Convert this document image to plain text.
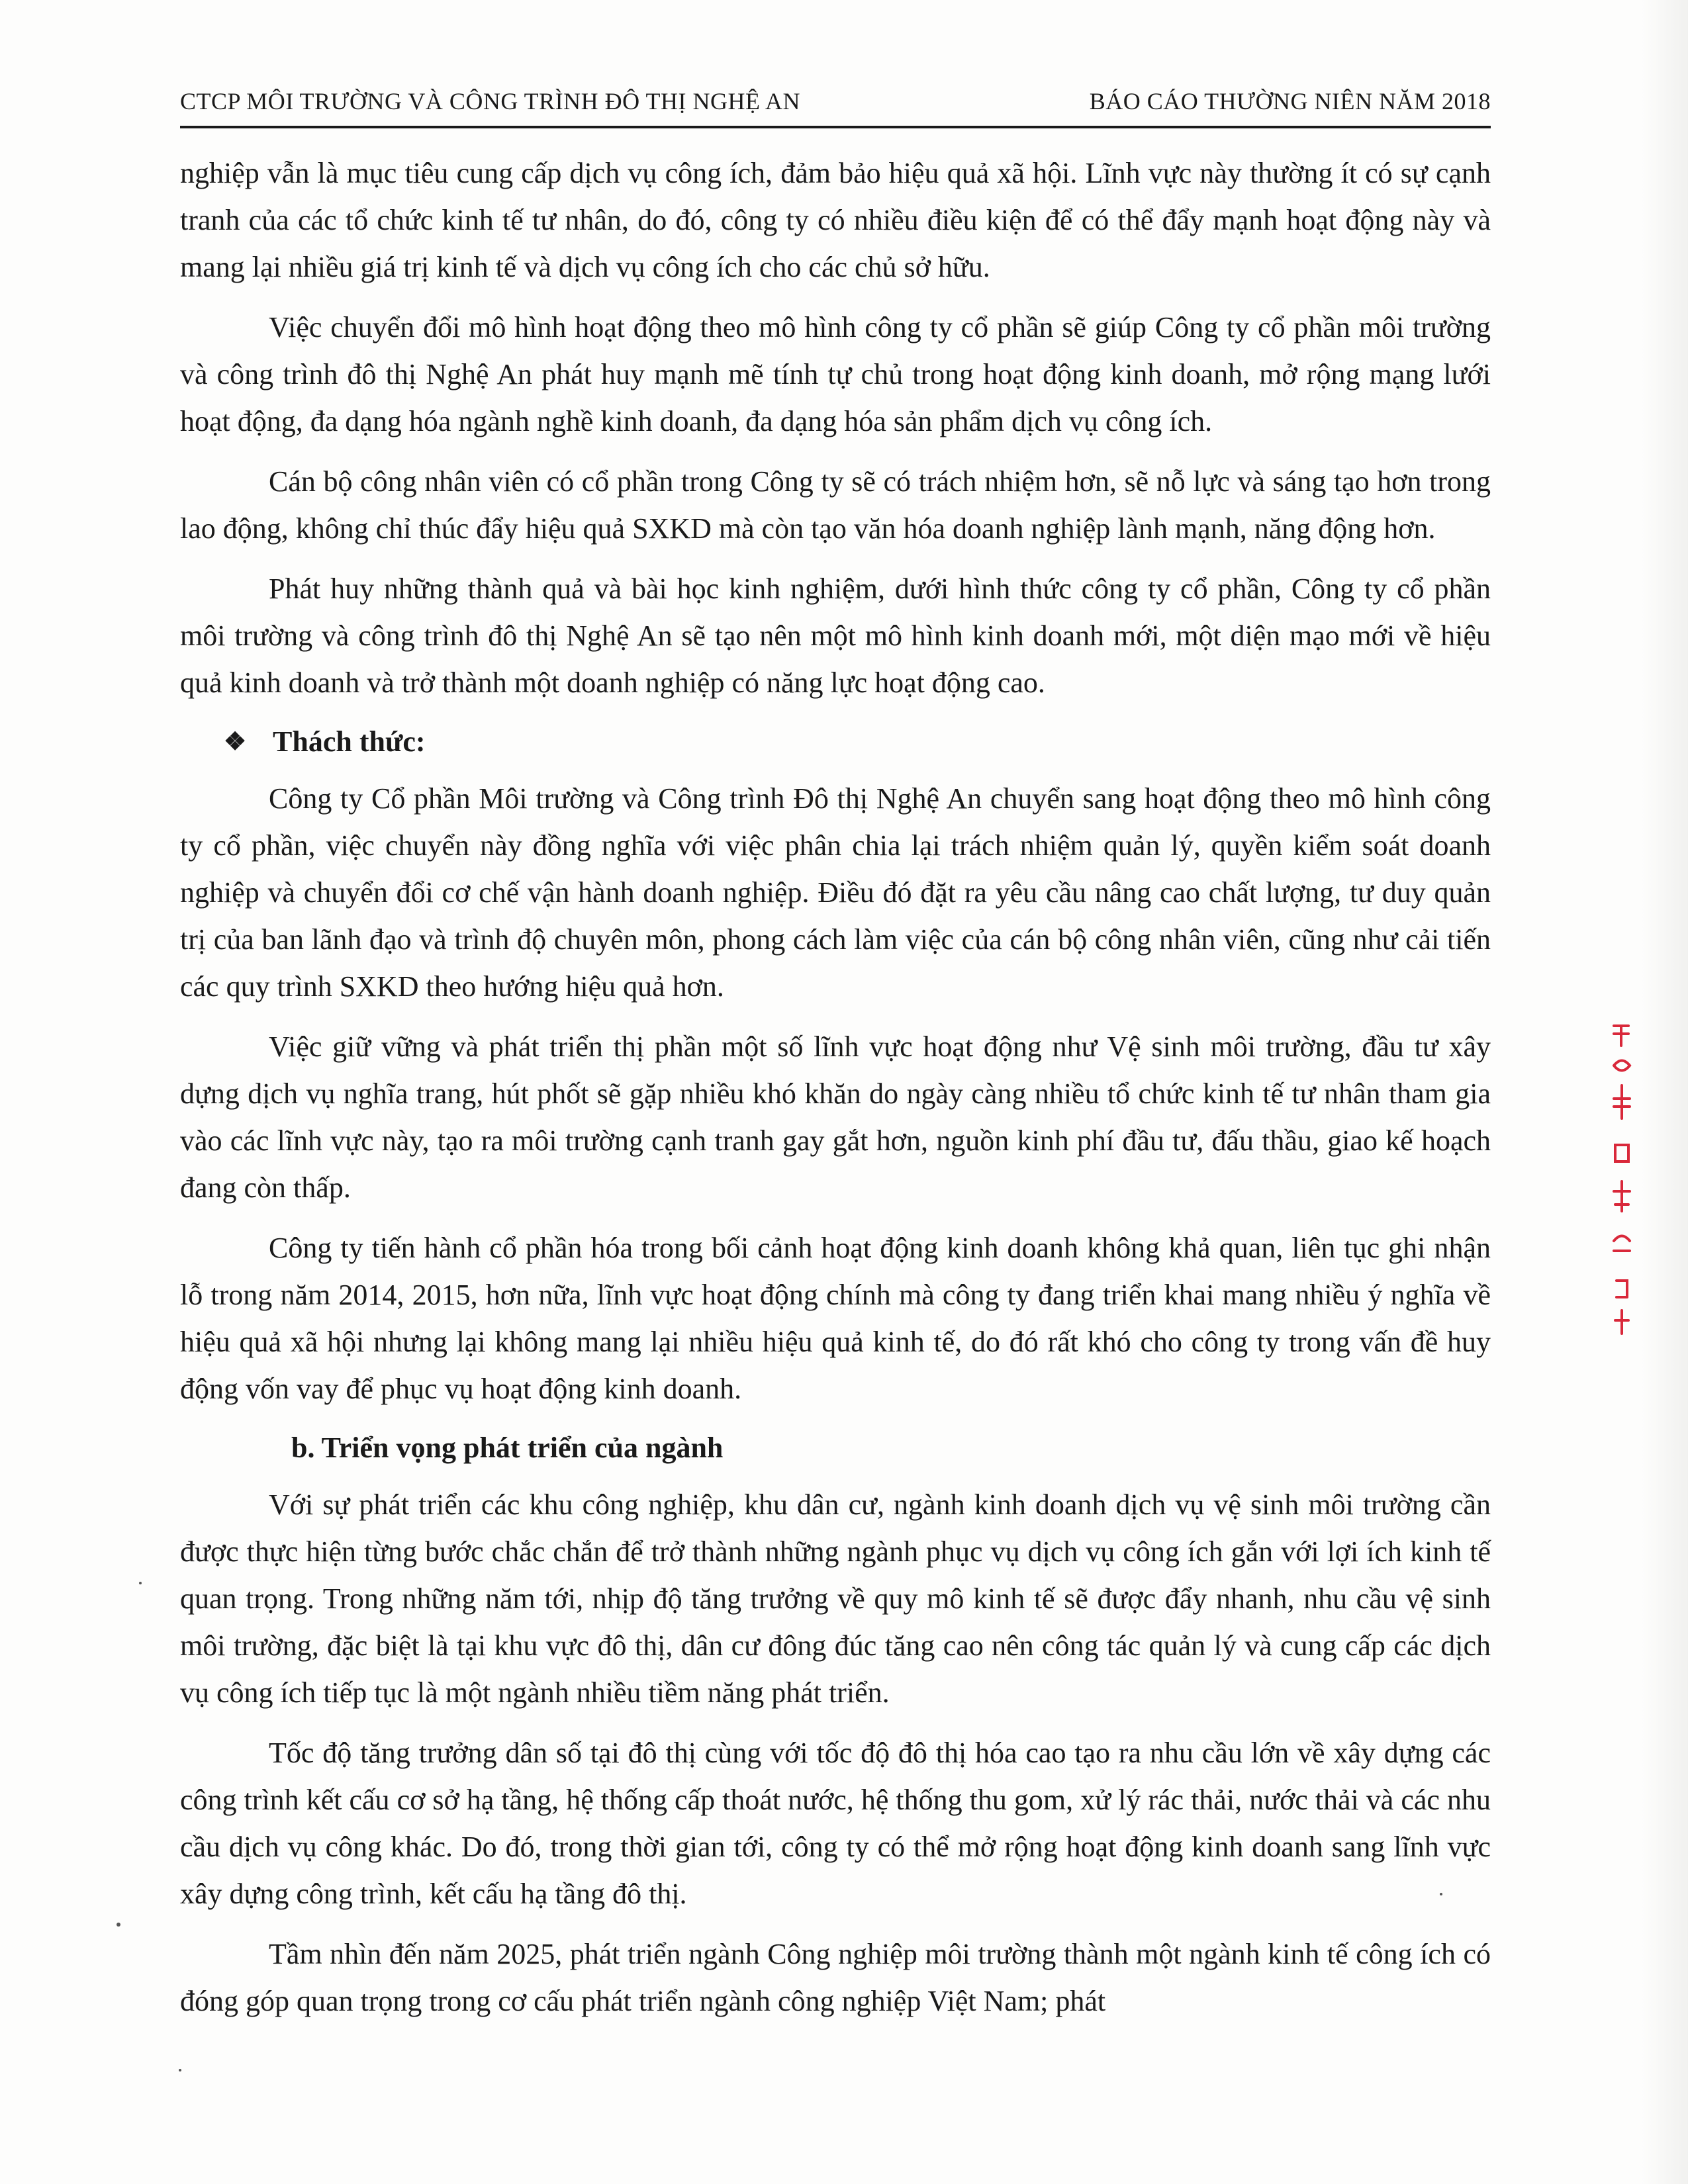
CTCP MÔI TRƯỜNG VÀ CÔNG TRÌNH ĐÔ THỊ NGHỆ AN	BÁO CÁO THƯỜNG NIÊN NĂM 2018

nghiệp vẫn là mục tiêu cung cấp dịch vụ công ích, đảm bảo hiệu quả xã hội. Lĩnh vực này thường ít có sự cạnh tranh của các tổ chức kinh tế tư nhân, do đó, công ty có nhiều điều kiện để có thể đẩy mạnh hoạt động này và mang lại nhiều giá trị kinh tế và dịch vụ công ích cho các chủ sở hữu.

Việc chuyển đổi mô hình hoạt động theo mô hình công ty cổ phần sẽ giúp Công ty cổ phần môi trường và công trình đô thị Nghệ An phát huy mạnh mẽ tính tự chủ trong hoạt động kinh doanh, mở rộng mạng lưới hoạt động, đa dạng hóa ngành nghề kinh doanh, đa dạng hóa sản phẩm dịch vụ công ích.

Cán bộ công nhân viên có cổ phần trong Công ty sẽ có trách nhiệm hơn, sẽ nỗ lực và sáng tạo hơn trong lao động, không chỉ thúc đẩy hiệu quả SXKD mà còn tạo văn hóa doanh nghiệp lành mạnh, năng động hơn.

Phát huy những thành quả và bài học kinh nghiệm, dưới hình thức công ty cổ phần, Công ty cổ phần môi trường và công trình đô thị Nghệ An sẽ tạo nên một mô hình kinh doanh mới, một diện mạo mới về hiệu quả kinh doanh và trở thành một doanh nghiệp có năng lực hoạt động cao.

❖ Thách thức:

Công ty Cổ phần Môi trường và Công trình Đô thị Nghệ An chuyển sang hoạt động theo mô hình công ty cổ phần, việc chuyển này đồng nghĩa với việc phân chia lại trách nhiệm quản lý, quyền kiểm soát doanh nghiệp và chuyển đổi cơ chế vận hành doanh nghiệp. Điều đó đặt ra yêu cầu nâng cao chất lượng, tư duy quản trị của ban lãnh đạo và trình độ chuyên môn, phong cách làm việc của cán bộ công nhân viên, cũng như cải tiến các quy trình SXKD theo hướng hiệu quả hơn.

Việc giữ vững và phát triển thị phần một số lĩnh vực hoạt động như Vệ sinh môi trường, đầu tư xây dựng dịch vụ nghĩa trang, hút phốt sẽ gặp nhiều khó khăn do ngày càng nhiều tổ chức kinh tế tư nhân tham gia vào các lĩnh vực này, tạo ra môi trường cạnh tranh gay gắt hơn, nguồn kinh phí đầu tư, đấu thầu, giao kế hoạch đang còn thấp.

Công ty tiến hành cổ phần hóa trong bối cảnh hoạt động kinh doanh không khả quan, liên tục ghi nhận lỗ trong năm 2014, 2015, hơn nữa, lĩnh vực hoạt động chính mà công ty đang triển khai mang nhiều ý nghĩa về hiệu quả xã hội nhưng lại không mang lại nhiều hiệu quả kinh tế, do đó rất khó cho công ty trong vấn đề huy động vốn vay để phục vụ hoạt động kinh doanh.

b. Triển vọng phát triển của ngành

Với sự phát triển các khu công nghiệp, khu dân cư, ngành kinh doanh dịch vụ vệ sinh môi trường cần được thực hiện từng bước chắc chắn để trở thành những ngành phục vụ dịch vụ công ích gắn với lợi ích kinh tế quan trọng. Trong những năm tới, nhịp độ tăng trưởng về quy mô kinh tế sẽ được đẩy nhanh, nhu cầu vệ sinh môi trường, đặc biệt là tại khu vực đô thị, dân cư đông đúc tăng cao nên công tác quản lý và cung cấp các dịch vụ công ích tiếp tục là một ngành nhiều tiềm năng phát triển.

Tốc độ tăng trưởng dân số tại đô thị cùng với tốc độ đô thị hóa cao tạo ra nhu cầu lớn về xây dựng các công trình kết cấu cơ sở hạ tầng, hệ thống cấp thoát nước, hệ thống thu gom, xử lý rác thải, nước thải và các nhu cầu dịch vụ công khác. Do đó, trong thời gian tới, công ty có thể mở rộng hoạt động kinh doanh sang lĩnh vực xây dựng công trình, kết cấu hạ tầng đô thị.

Tầm nhìn đến năm 2025, phát triển ngành Công nghiệp môi trường thành một ngành kinh tế công ích có đóng góp quan trọng trong cơ cấu phát triển ngành công nghiệp Việt Nam; phát
